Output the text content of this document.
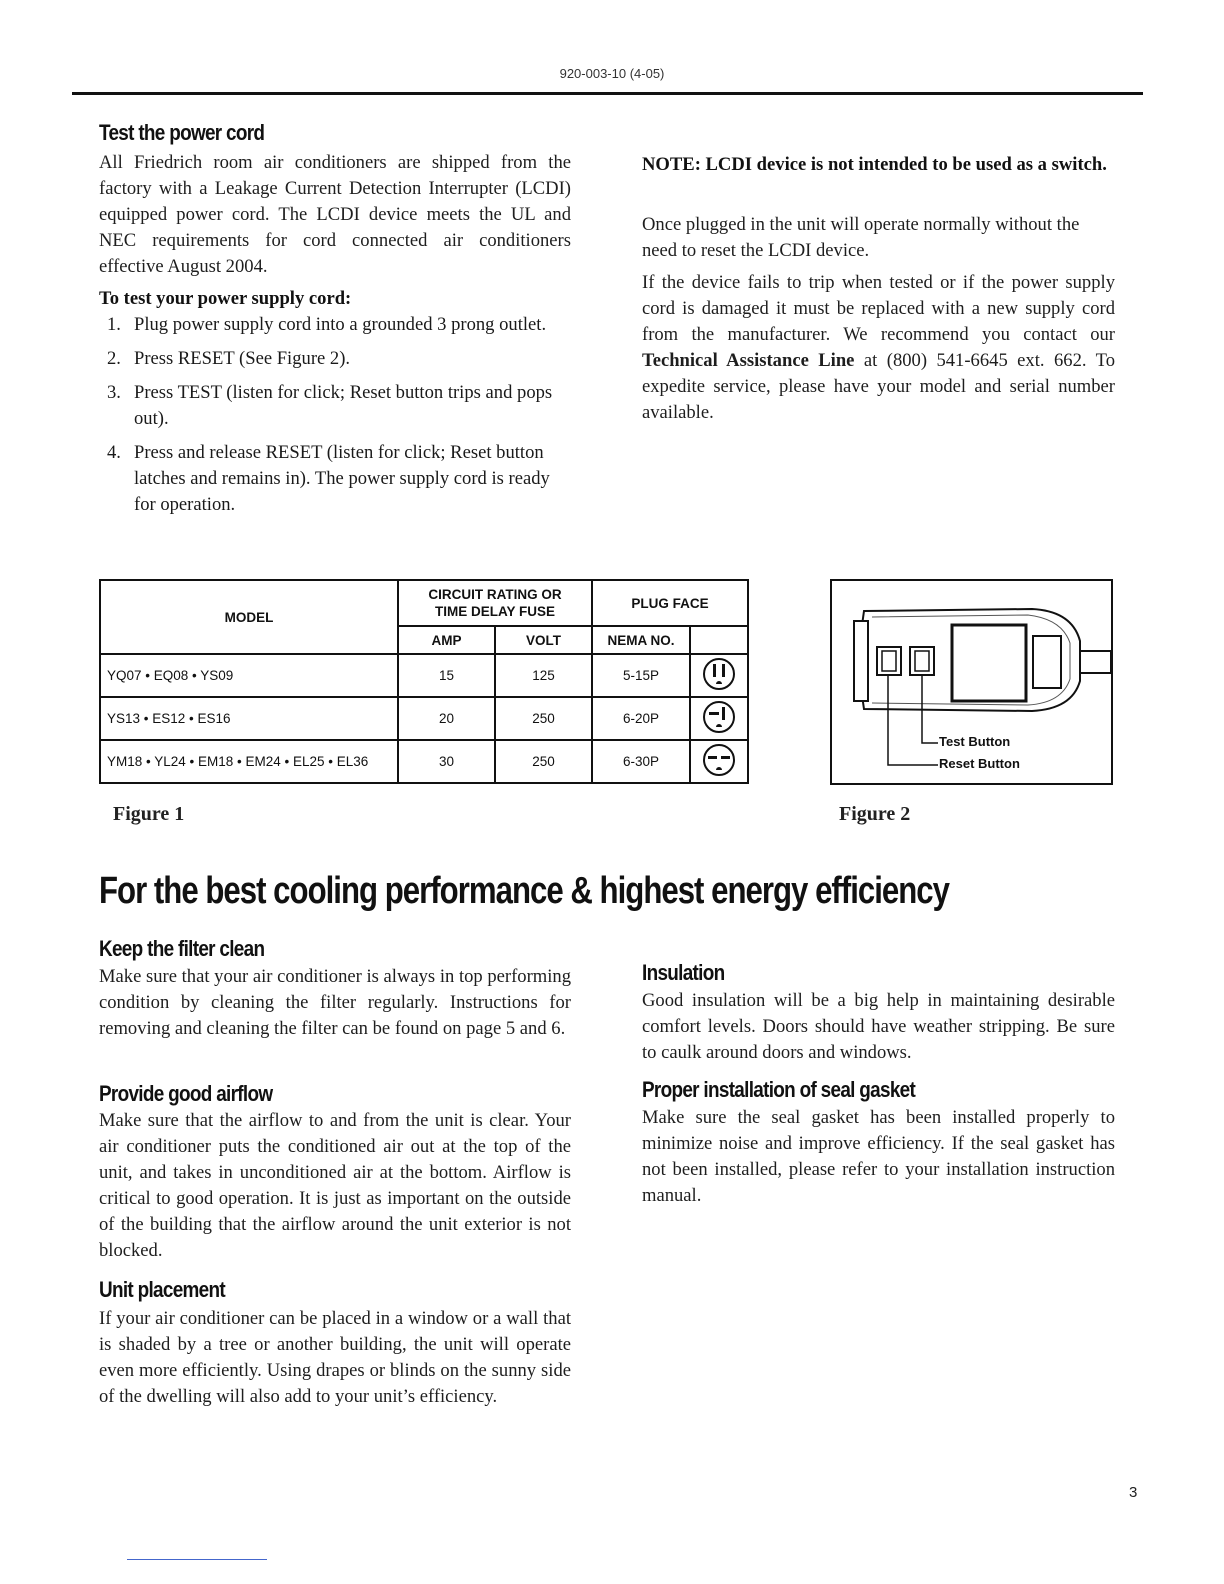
920-003-10 (4-05)
Test the power cord

All Friedrich room air conditioners are shipped from the factory with a Leakage Current Detection Interrupter (LCDI) equipped power cord. The LCDI device meets the UL and NEC requirements for cord connected air conditioners effective August 2004.

To test your power supply cord:
1. Plug power supply cord into a grounded 3 prong outlet.
2. Press RESET (See Figure 2).
3. Press TEST (listen for click; Reset button trips and pops out).
4. Press and release RESET (listen for click; Reset button latches and remains in). The power supply cord is ready for operation.
NOTE: LCDI device is not intended to be used as a switch.

Once plugged in the unit will operate normally without the need to reset the LCDI device.

If the device fails to trip when tested or if the power supply cord is damaged it must be replaced with a new supply cord from the manufacturer. We recommend you contact our Technical Assistance Line at (800) 541-6645 ext. 662. To expedite service, please have your model and serial number available.

MODEL	CIRCUIT RATING OR TIME DELAY FUSE		PLUG FACE	
	AMP	VOLT	NEMA NO.	
YQ07 • EQ08 • YS09	15	125	5-15P	
YS13 • ES12 • ES16	20	250	6-20P	
YM18 • YL24 • EM18 • EM24 • EL25 • EL36	30	250	6-30P	
Figure 1
Test Button
Reset Button
Figure 2
For the best cooling performance & highest energy efficiency
Keep the filter clean

Make sure that your air conditioner is always in top performing condition by cleaning the filter regularly. Instructions for removing and cleaning the filter can be found on page 5 and 6.

Provide good airflow

Make sure that the airflow to and from the unit is clear. Your air conditioner puts the conditioned air out at the top of the unit, and takes in unconditioned air at the bottom. Airflow is critical to good operation. It is just as important on the outside of the building that the airflow around the unit exterior is not blocked.

Unit placement

If your air conditioner can be placed in a window or a wall that is shaded by a tree or another building, the unit will operate even more efficiently. Using drapes or blinds on the sunny side of the dwelling will also add to your unit’s efficiency.

Insulation

Good insulation will be a big help in maintaining desirable comfort levels. Doors should have weather stripping. Be sure to caulk around doors and windows.

Proper installation of seal gasket

Make sure the seal gasket has been installed properly to minimize noise and improve efficiency. If the seal gasket has not been installed, please refer to your installation instruction manual.

3
